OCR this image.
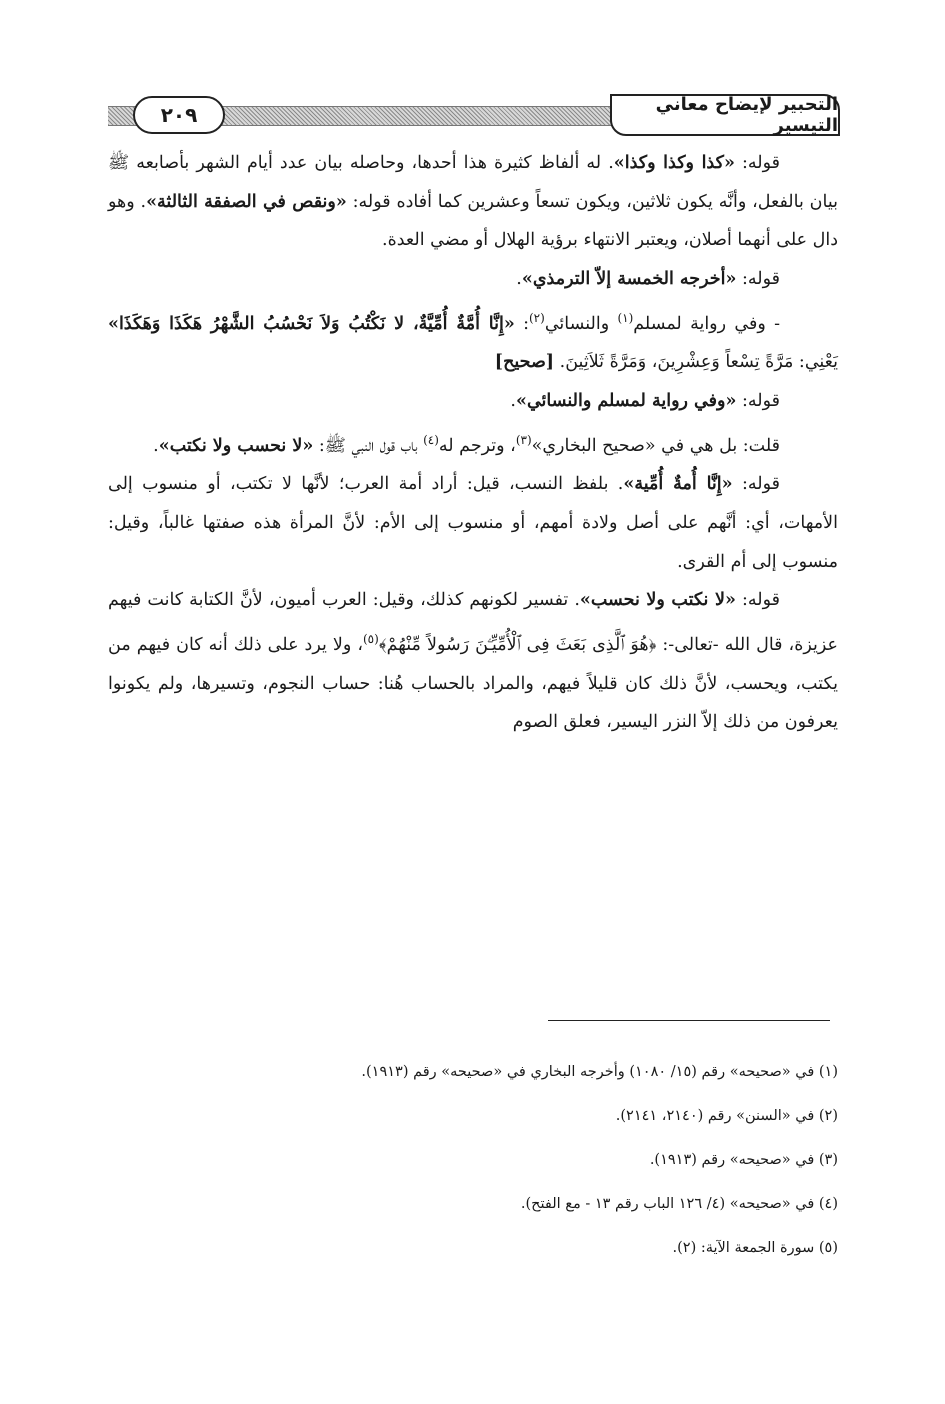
٢٠٩	التحبير لإيضاح معاني التيسير

قوله: «كذا وكذا وكذا». له ألفاظ كثيرة هذا أحدها، وحاصله بيان عدد أيام الشهر بأصابعه ﷺ بيان بالفعل، وأنَّه يكون ثلاثين، ويكون تسعاً وعشرين كما أفاده قوله: «ونقص في الصفقة الثالثة». وهو دال على أنهما أصلان، ويعتبر الانتهاء برؤية الهلال أو مضي العدة.

قوله: «أخرجه الخمسة إلاّ الترمذي».

- وفي رواية لمسلم$^{(١)}$ والنسائي$^{(٢)}$: «إِنَّا أُمَّةٌ أُمِّيَّةٌ، لا نَكْتُبُ وَلاَ نَحْسُبُ الشَّهْرُ هَكَذَا وَهَكَذَا» يَعْنِي: مَرَّةً تِسْعاً وَعِشْرِينَ، وَمَرَّةً ثَلاَثِينَ. [صحيح]

قوله: «وفي رواية لمسلم والنسائي».

قلت: بل هي في «صحيح البخاري»$^{(٣)}$، وترجم له$^{(٤)}$ باب قول النبي ﷺ: «لا نحسب ولا نكتب».

قوله: «إِنَّا أُمةٌ أُمِّية». بلفظ النسب، قيل: أراد أمة العرب؛ لأنَّها لا تكتب، أو منسوب إلى الأمهات، أي: أنَّهم على أصل ولادة أمهم، أو منسوب إلى الأم: لأنَّ المرأة هذه صفتها غالباً، وقيل: منسوب إلى أم القرى.

قوله: «لا نكتب ولا نحسب». تفسير لكونهم كذلك، وقيل: العرب أميون، لأنَّ الكتابة كانت فيهم عزيزة، قال الله -تعالى-: ﴿هُوَ ٱلَّذِى بَعَثَ فِى ٱلْأُمِّيِّـۧنَ رَسُولاً مِّنْهُمْ﴾$^{(٥)}$، ولا يرد على ذلك أنه كان فيهم من يكتب، ويحسب، لأنَّ ذلك كان قليلاً فيهم، والمراد بالحساب هُنا: حساب النجوم، وتسيرها، ولم يكونوا يعرفون من ذلك إلاّ النزر اليسير، فعلق الصوم

(١) في «صحيحه» رقم (١٥/ ١٠٨٠) وأخرجه البخاري في «صحيحه» رقم (١٩١٣).

(٢) في «السنن» رقم (٢١٤٠، ٢١٤١).

(٣) في «صحيحه» رقم (١٩١٣).

(٤) في «صحيحه» (٤/ ١٢٦ الباب رقم ١٣ - مع الفتح).

(٥) سورة الجمعة الآية: (٢).
